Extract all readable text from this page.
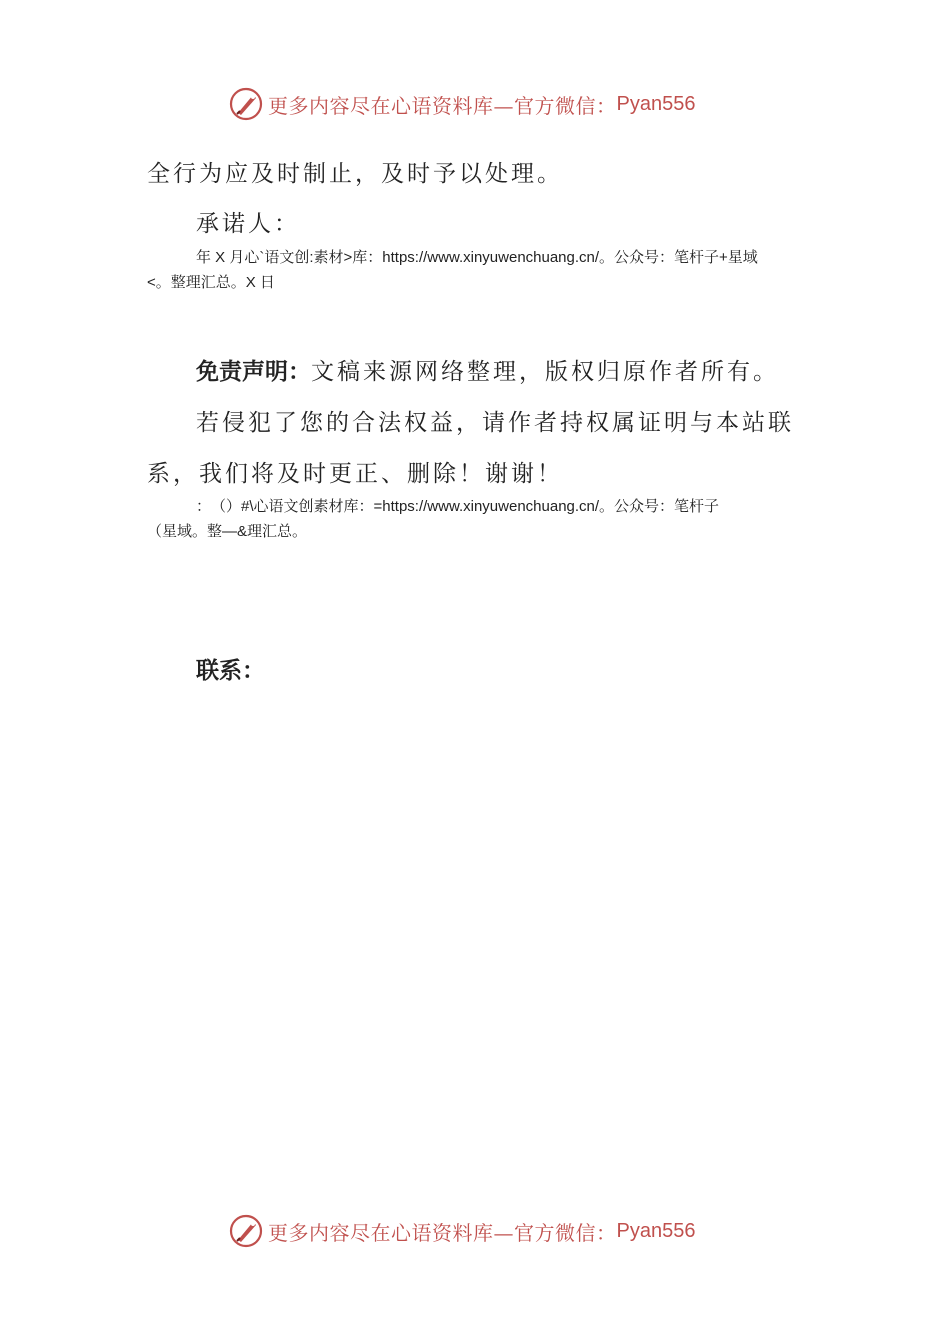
更多内容尽在心语资料库—官方微信： Pyan556
全行为应及时制止，及时予以处理。
承诺人：
年 X 月心`语文创:素材>库：https://www.xinyuwenchuang.cn/。公众号：笔杆子+星域
<。整理汇总。X 日
免责声明：文稿来源网络整理，版权归原作者所有。
若侵犯了您的合法权益，请作者持权属证明与本站联
系，我们将及时更正、删除！谢谢！
：　（）#\心语文创素材库：=https://www.xinyuwenchuang.cn/。公众号：笔杆子
（星域。整—&理汇总。
联系：
更多内容尽在心语资料库—官方微信： Pyan556
